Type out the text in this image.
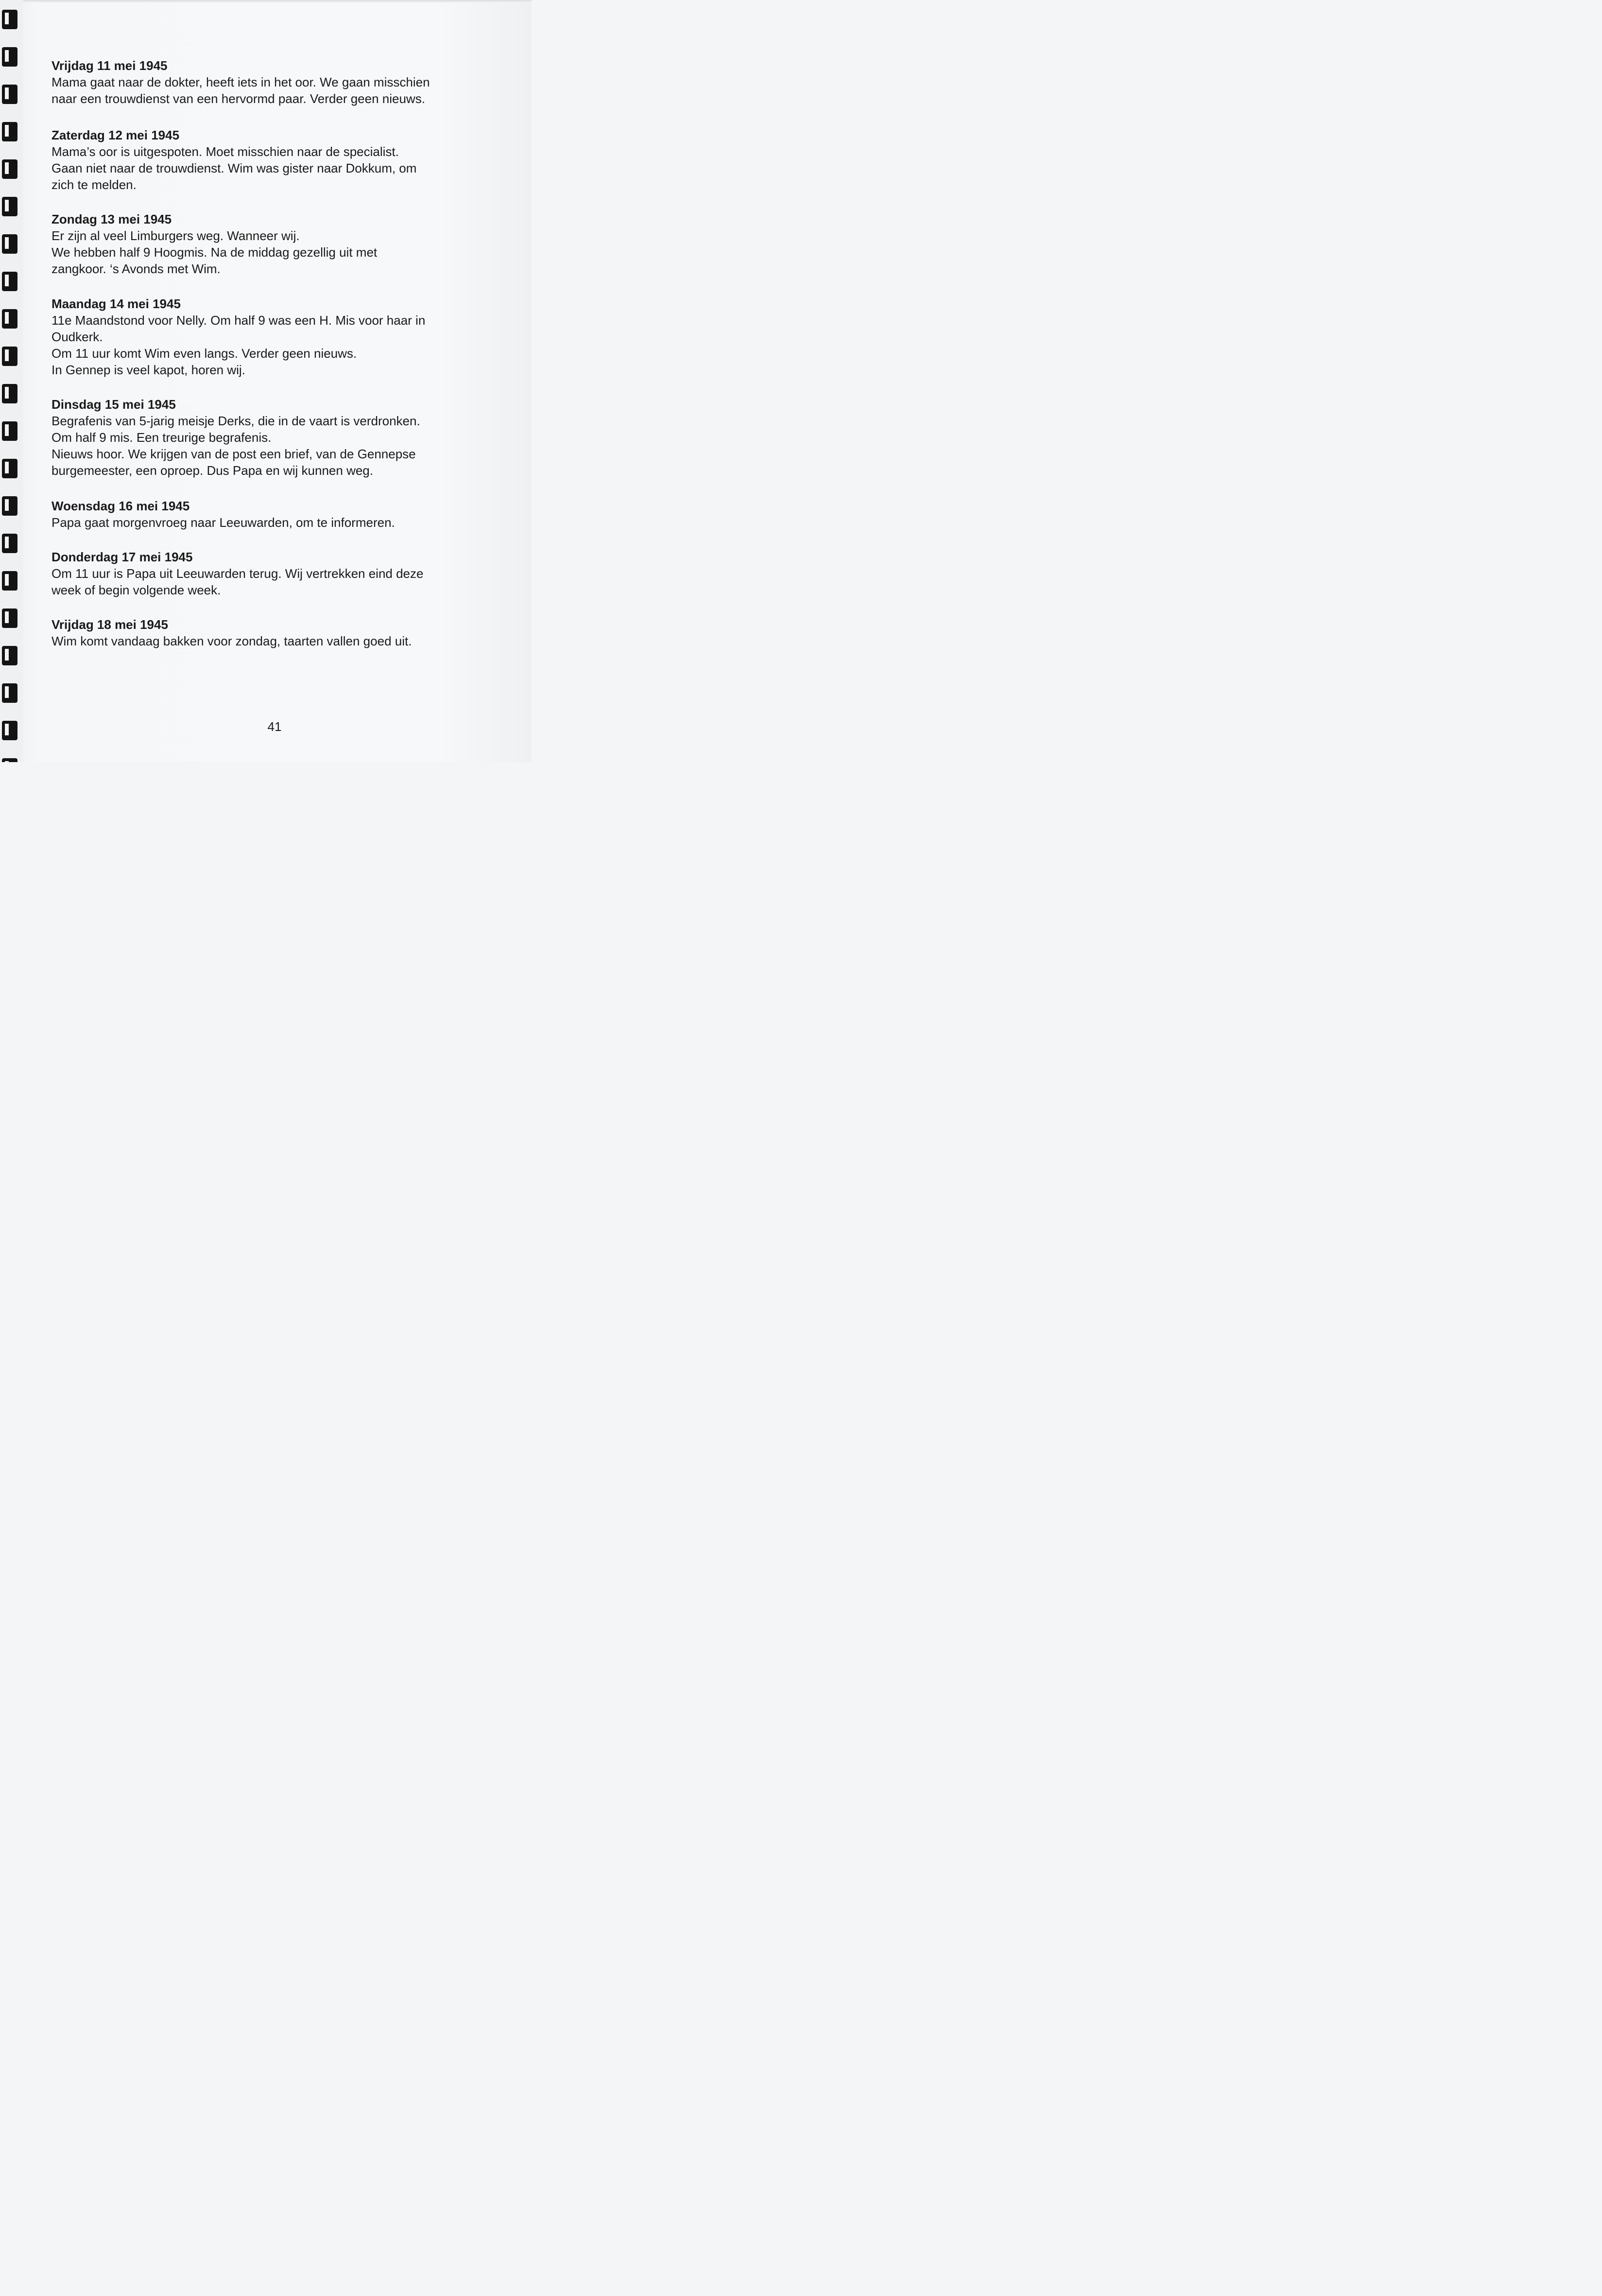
Vrijdag 11 mei 1945

Mama gaat naar de dokter, heeft iets in het oor. We gaan misschien

naar een trouwdienst van een hervormd paar. Verder geen nieuws.

Zaterdag 12 mei 1945

Mama’s oor is uitgespoten. Moet misschien naar de specialist.

Gaan niet naar de trouwdienst. Wim was gister naar Dokkum, om

zich te melden.

Zondag 13 mei 1945

Er zijn al veel Limburgers weg. Wanneer wij.

We hebben half 9 Hoogmis. Na de middag gezellig uit met

zangkoor. ‘s Avonds met Wim.

Maandag 14 mei 1945

11e Maandstond voor Nelly. Om half 9 was een H. Mis voor haar in

Oudkerk.

Om 11 uur komt Wim even langs. Verder geen nieuws.

In Gennep is veel kapot, horen wij.

Dinsdag 15 mei 1945

Begrafenis van 5-jarig meisje Derks, die in de vaart is verdronken.

Om half 9 mis. Een treurige begrafenis.

Nieuws hoor. We krijgen van de post een brief, van de Gennepse

burgemeester, een oproep. Dus Papa en wij kunnen weg.

Woensdag 16 mei 1945

Papa gaat morgenvroeg naar Leeuwarden, om te informeren.

Donderdag 17 mei 1945

Om 11 uur is Papa uit Leeuwarden terug. Wij vertrekken eind deze

week of begin volgende week.

Vrijdag 18 mei 1945

Wim komt vandaag bakken voor zondag, taarten vallen goed uit.

41
